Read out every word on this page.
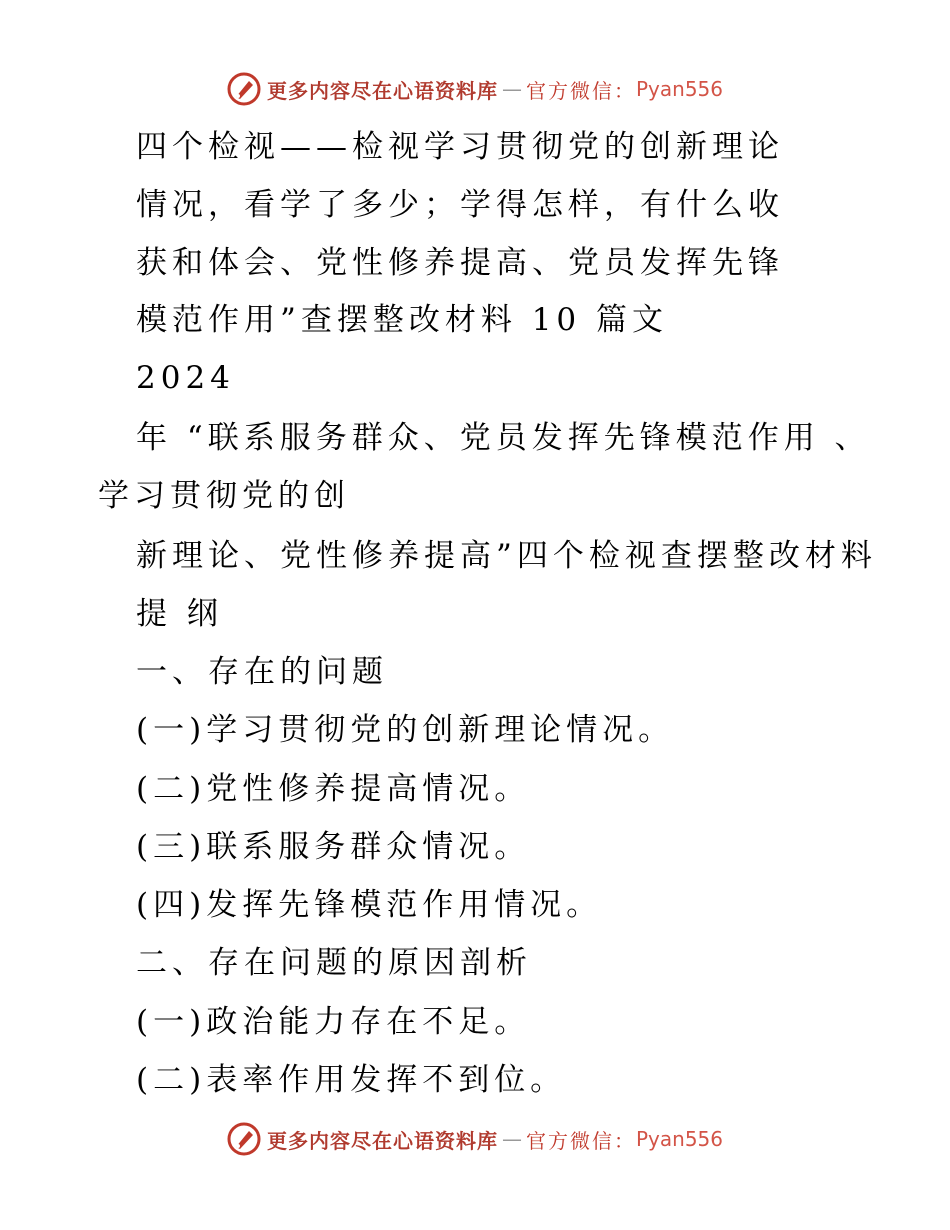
更多内容尽在心语资料库 — 官方微信： Pyan556
四个检视——检视学习贯彻党的创新理论
情况，看学了多少；学得怎样，有什么收
获和体会、党性修养提高、党员发挥先锋
模范作用”查摆整改材料 10 篇文
2024
年 “联系服务群众、党员发挥先锋模范作用 、
学习贯彻党的创
新理论、党性修养提高”四个检视查摆整改材料
提 纲
一、存在的问题
(一)学习贯彻党的创新理论情况。
(二)党性修养提高情况。
(三)联系服务群众情况。
(四)发挥先锋模范作用情况。
二、存在问题的原因剖析
(一)政治能力存在不足。
(二)表率作用发挥不到位。
更多内容尽在心语资料库 — 官方微信： Pyan556
